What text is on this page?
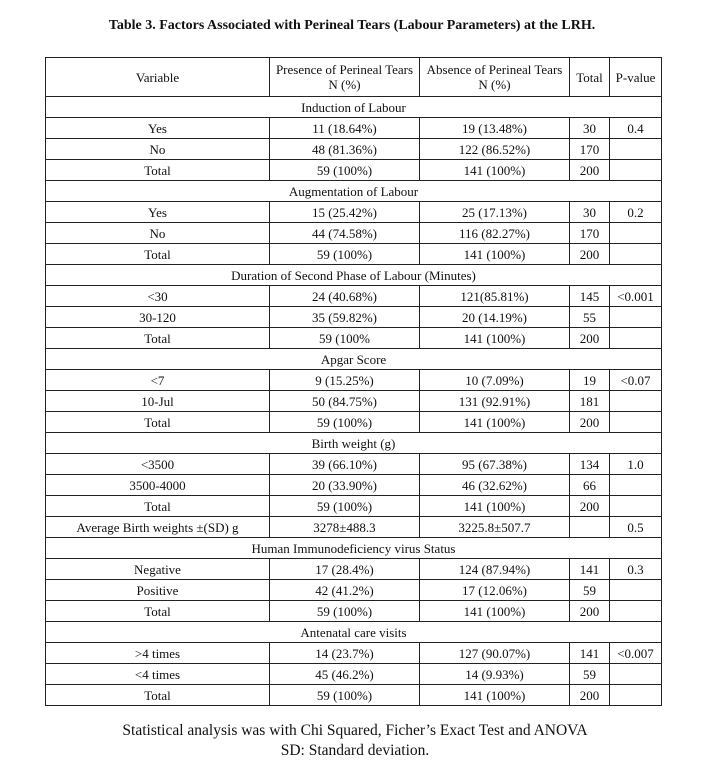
Table 3. Factors Associated with Perineal Tears (Labour Parameters) at the LRH.
Variable	Presence of Perineal Tears N (%)	Absence of Perineal Tears N (%)	Total	P-value
Induction of Labour				
Yes	11 (18.64%)	19 (13.48%)	30	0.4
No	48 (81.36%)	122 (86.52%)	170	
Total	59 (100%)	141 (100%)	200	
Augmentation of Labour				
Yes	15 (25.42%)	25 (17.13%)	30	0.2
No	44 (74.58%)	116 (82.27%)	170	
Total	59 (100%)	141 (100%)	200	
Duration of Second Phase of Labour (Minutes)				
<30	24 (40.68%)	121(85.81%)	145	<0.001
30-120	35 (59.82%)	20 (14.19%)	55	
Total	59 (100%	141 (100%)	200	
Apgar Score				
<7	9 (15.25%)	10 (7.09%)	19	<0.07
10-Jul	50 (84.75%)	131 (92.91%)	181	
Total	59 (100%)	141 (100%)	200	
Birth weight (g)				
<3500	39 (66.10%)	95 (67.38%)	134	1.0
3500-4000	20 (33.90%)	46 (32.62%)	66	
Total	59 (100%)	141 (100%)	200	
Average Birth weights ±(SD) g	3278±488.3	3225.8±507.7		0.5
Human Immunodeficiency virus Status				
Negative	17 (28.4%)	124 (87.94%)	141	0.3
Positive	42 (41.2%)	17 (12.06%)	59	
Total	59 (100%)	141 (100%)	200	
Antenatal care visits				
>4 times	14 (23.7%)	127 (90.07%)	141	<0.007
<4 times	45 (46.2%)	14 (9.93%)	59	
Total	59 (100%)	141 (100%)	200	
Statistical analysis was with Chi Squared, Ficher’s Exact Test and ANOVA
SD: Standard deviation.
